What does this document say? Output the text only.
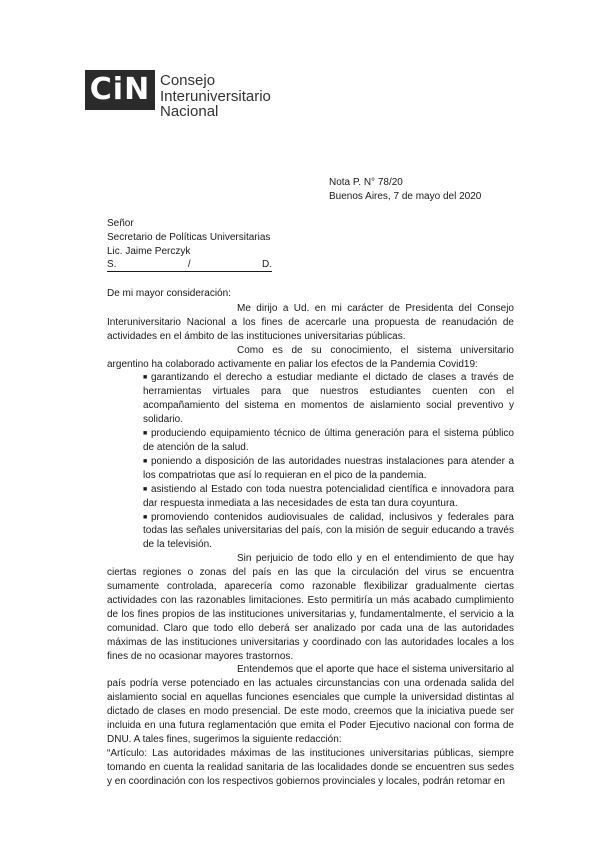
CiN Consejo
Interuniversitario
Nacional
Nota P. N° 78/20
Buenos Aires, 7 de mayo del 2020
Señor
Secretario de Políticas Universitarias
Lic. Jaime Perczyk
S.	/	D.

De mi mayor consideración:

Me dirijo a Ud. en mi carácter de Presidenta del Consejo Interuniversitario Nacional a los fines de acercarle una propuesta de reanudación de actividades en el ámbito de las instituciones universitarias públicas.

Como es de su conocimiento, el sistema universitario argentino ha colaborado activamente en paliar los efectos de la Pandemia Covid19:

■ garantizando el derecho a estudiar mediante el dictado de clases a través de herramientas virtuales para que nuestros estudiantes cuenten con el acompañamiento del sistema en momentos de aislamiento social preventivo y solidario.
■ produciendo equipamiento técnico de última generación para el sistema público de atención de la salud.
■ poniendo a disposición de las autoridades nuestras instalaciones para atender a los compatriotas que así lo requieran en el pico de la pandemia.
■ asistiendo al Estado con toda nuestra potencialidad científica e innovadora para dar respuesta inmediata a las necesidades de esta tan dura coyuntura.
■ promoviendo contenidos audiovisuales de calidad, inclusivos y federales para todas las señales universitarias del país, con la misión de seguir educando a través de la televisión.

Sin perjuicio de todo ello y en el entendimiento de que hay ciertas regiones o zonas del país en las que la circulación del virus se encuentra sumamente controlada, aparecería como razonable flexibilizar gradualmente ciertas actividades con las razonables limitaciones. Esto permitiría un más acabado cumplimiento de los fines propios de las instituciones universitarias y, fundamentalmente, el servicio a la comunidad. Claro que todo ello deberá ser analizado por cada una de las autoridades máximas de las instituciones universitarias y coordinado con las autoridades locales a los fines de no ocasionar mayores trastornos.

Entendemos que el aporte que hace el sistema universitario al país podría verse potenciado en las actuales circunstancias con una ordenada salida del aislamiento social en aquellas funciones esenciales que cumple la universidad distintas al dictado de clases en modo presencial. De este modo, creemos que la iniciativa puede ser incluida en una futura reglamentación que emita el Poder Ejecutivo nacional con forma de DNU. A tales fines, sugerimos la siguiente redacción:

“Artículo: Las autoridades máximas de las instituciones universitarias públicas, siempre tomando en cuenta la realidad sanitaria de las localidades donde se encuentren sus sedes y en coordinación con los respectivos gobiernos provinciales y locales, podrán retomar en
